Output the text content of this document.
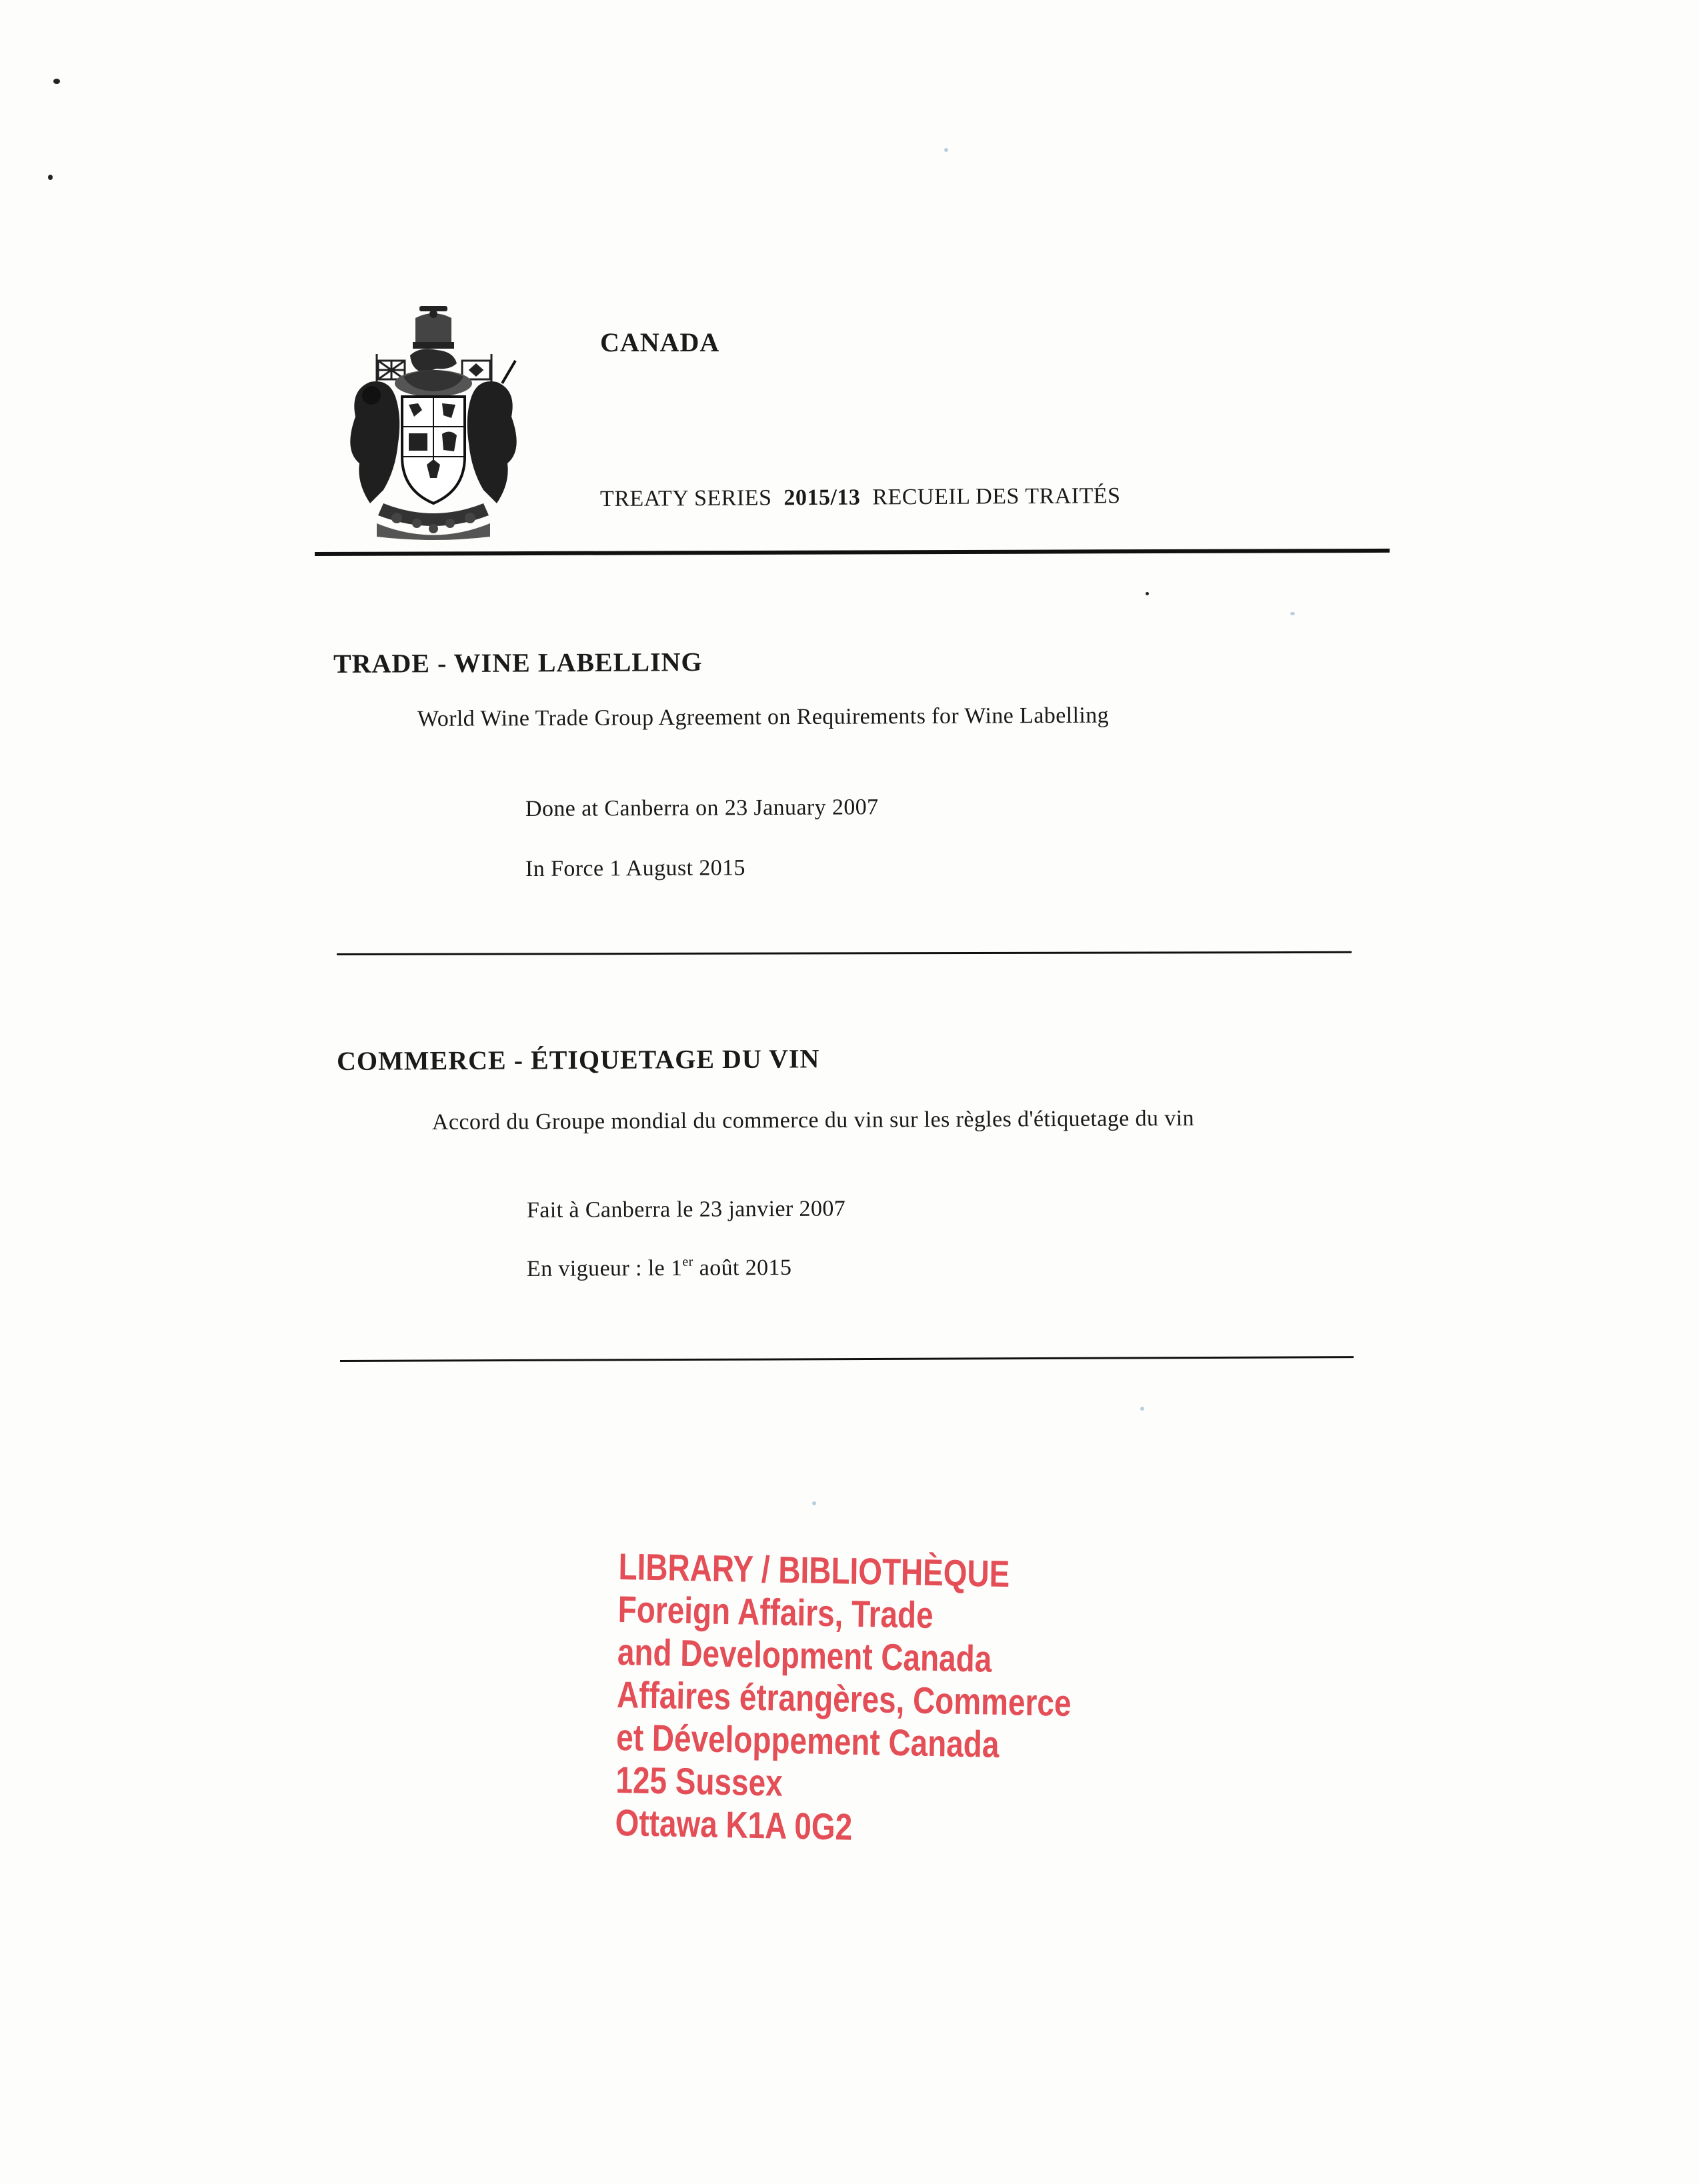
CANADA
TREATY SERIES 2015/13 RECUEIL DES TRAITÉS
TRADE - WINE LABELLING
World Wine Trade Group Agreement on Requirements for Wine Labelling
Done at Canberra on 23 January 2007
In Force 1 August 2015
COMMERCE - ÉTIQUETAGE DU VIN
Accord du Groupe mondial du commerce du vin sur les règles d'étiquetage du vin
Fait à Canberra le 23 janvier 2007
En vigueur : le 1er août 2015
LIBRARY / BIBLIOTHÈQUE
Foreign Affairs, Trade
and Development Canada
Affaires étrangères, Commerce
et Développement Canada
125 Sussex
Ottawa K1A 0G2
